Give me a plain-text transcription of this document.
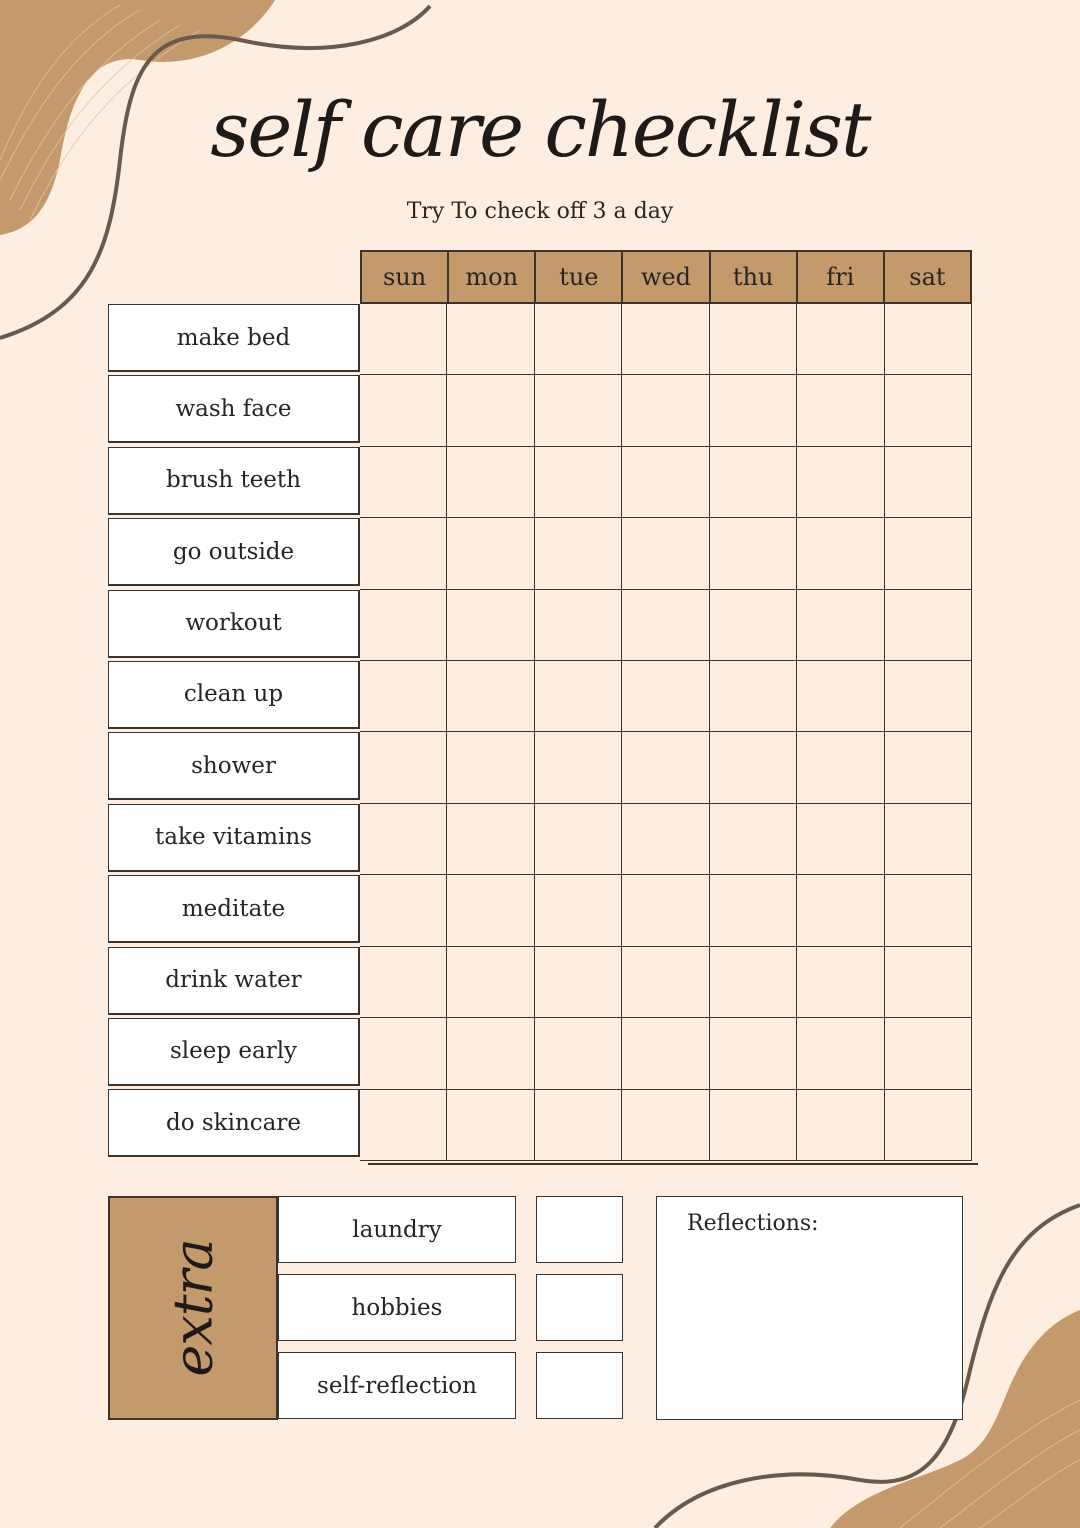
self care checklist
Try To check off 3 a day
sun	mon	tue	wed	thu	fri	sat
make bed
wash face
brush teeth
go outside
workout
clean up
shower
take vitamins
meditate
drink water
sleep early
do skincare
extra
laundry
hobbies
self-reflection
Reflections:
